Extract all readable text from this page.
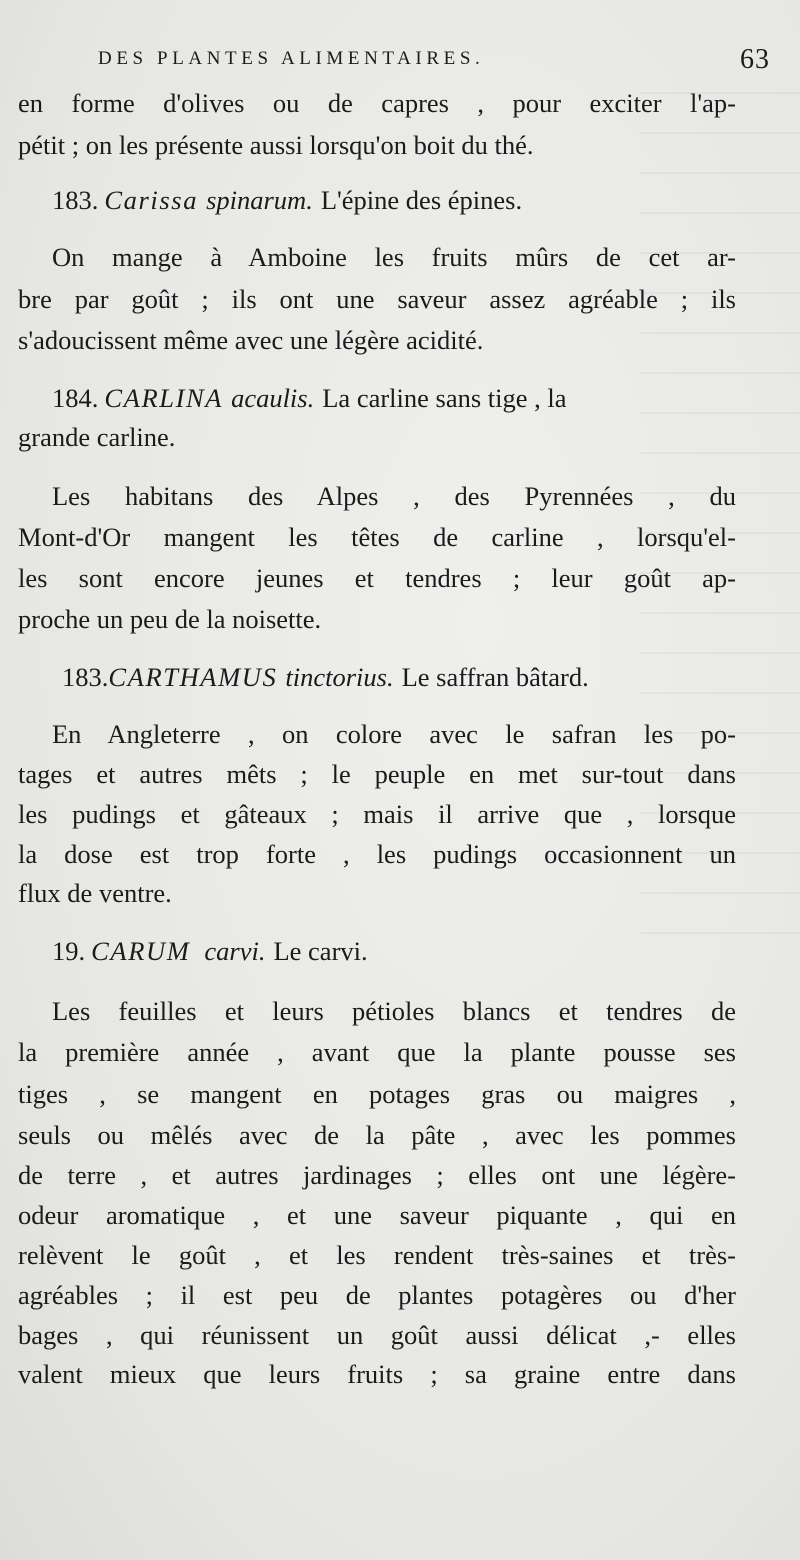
DES PLANTES ALIMENTAIRES.	63
en forme d'olives ou de capres , pour exciter l'ap-
pétit ; on les présente aussi lorsqu'on boit du thé.
183. Carissa spinarum. L'épine des épines.
On mange à Amboine les fruits mûrs de cet ar-
bre par goût ; ils ont une saveur assez agréable ; ils
s'adoucissent même avec une légère acidité.
184. CARLINA acaulis. La carline sans tige , la
grande carline.
Les habitans des Alpes , des Pyrennées , du
Mont-d'Or mangent les têtes de carline , lorsqu'el-
les sont encore jeunes et tendres ; leur goût ap-
proche un peu de la noisette.
183.CARTHAMUS tinctorius. Le saffran bâtard.
En Angleterre , on colore avec le safran les po-
tages et autres mêts ; le peuple en met sur-tout dans
les pudings et gâteaux ; mais il arrive que , lorsque
la dose est trop forte , les pudings occasionnent un
flux de ventre.
19. CARUM carvi. Le carvi.
Les feuilles et leurs pétioles blancs et tendres de
la première année , avant que la plante pousse ses
tiges , se mangent en potages gras ou maigres ,
seuls ou mêlés avec de la pâte , avec les pommes
de terre , et autres jardinages ; elles ont une légère-
odeur aromatique , et une saveur piquante , qui en
relèvent le goût , et les rendent très-saines et très-
agréables ; il est peu de plantes potagères ou d'her
bages , qui réunissent un goût aussi délicat ,- elles
valent mieux que leurs fruits ; sa graine entre dans
